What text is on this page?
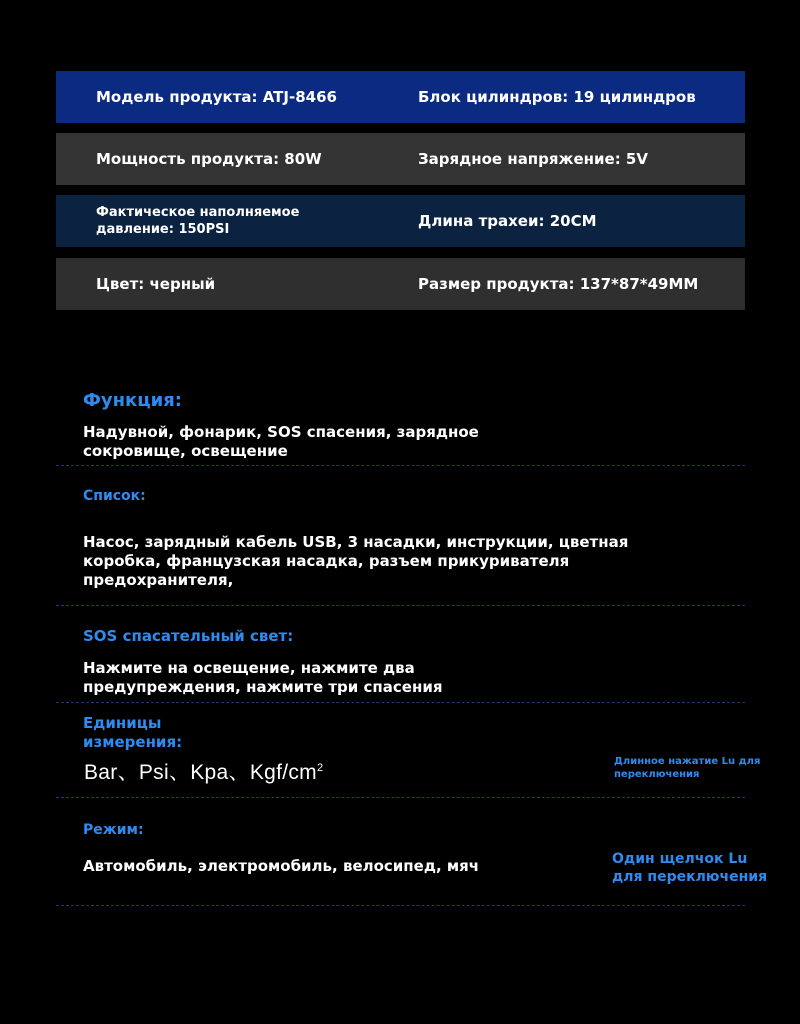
Модель продукта: ATJ-8466	Блок цилиндров: 19 цилиндров
Мощность продукта: 80W	Зарядное напряжение: 5V
Фактическое наполняемое давление: 150PSI	Длина трахеи: 20CM
Цвет: черный	Размер продукта: 137*87*49MM
Функция:
Надувной, фонарик, SOS спасения, зарядное сокровище, освещение
Список:
Насос, зарядный кабель USB, 3 насадки, инструкции, цветная коробка, французская насадка, разъем прикуривателя предохранителя,
SOS спасательный свет:
Нажмите на освещение, нажмите два предупреждения, нажмите три спасения
Единицы измерения:
Bar、Psi、Kpa、Kgf/$cm^2$
Длинное нажатие Lu для переключения
Режим:
Автомобиль, электромобиль, велосипед, мяч	Один щелчок Lu для переключения
